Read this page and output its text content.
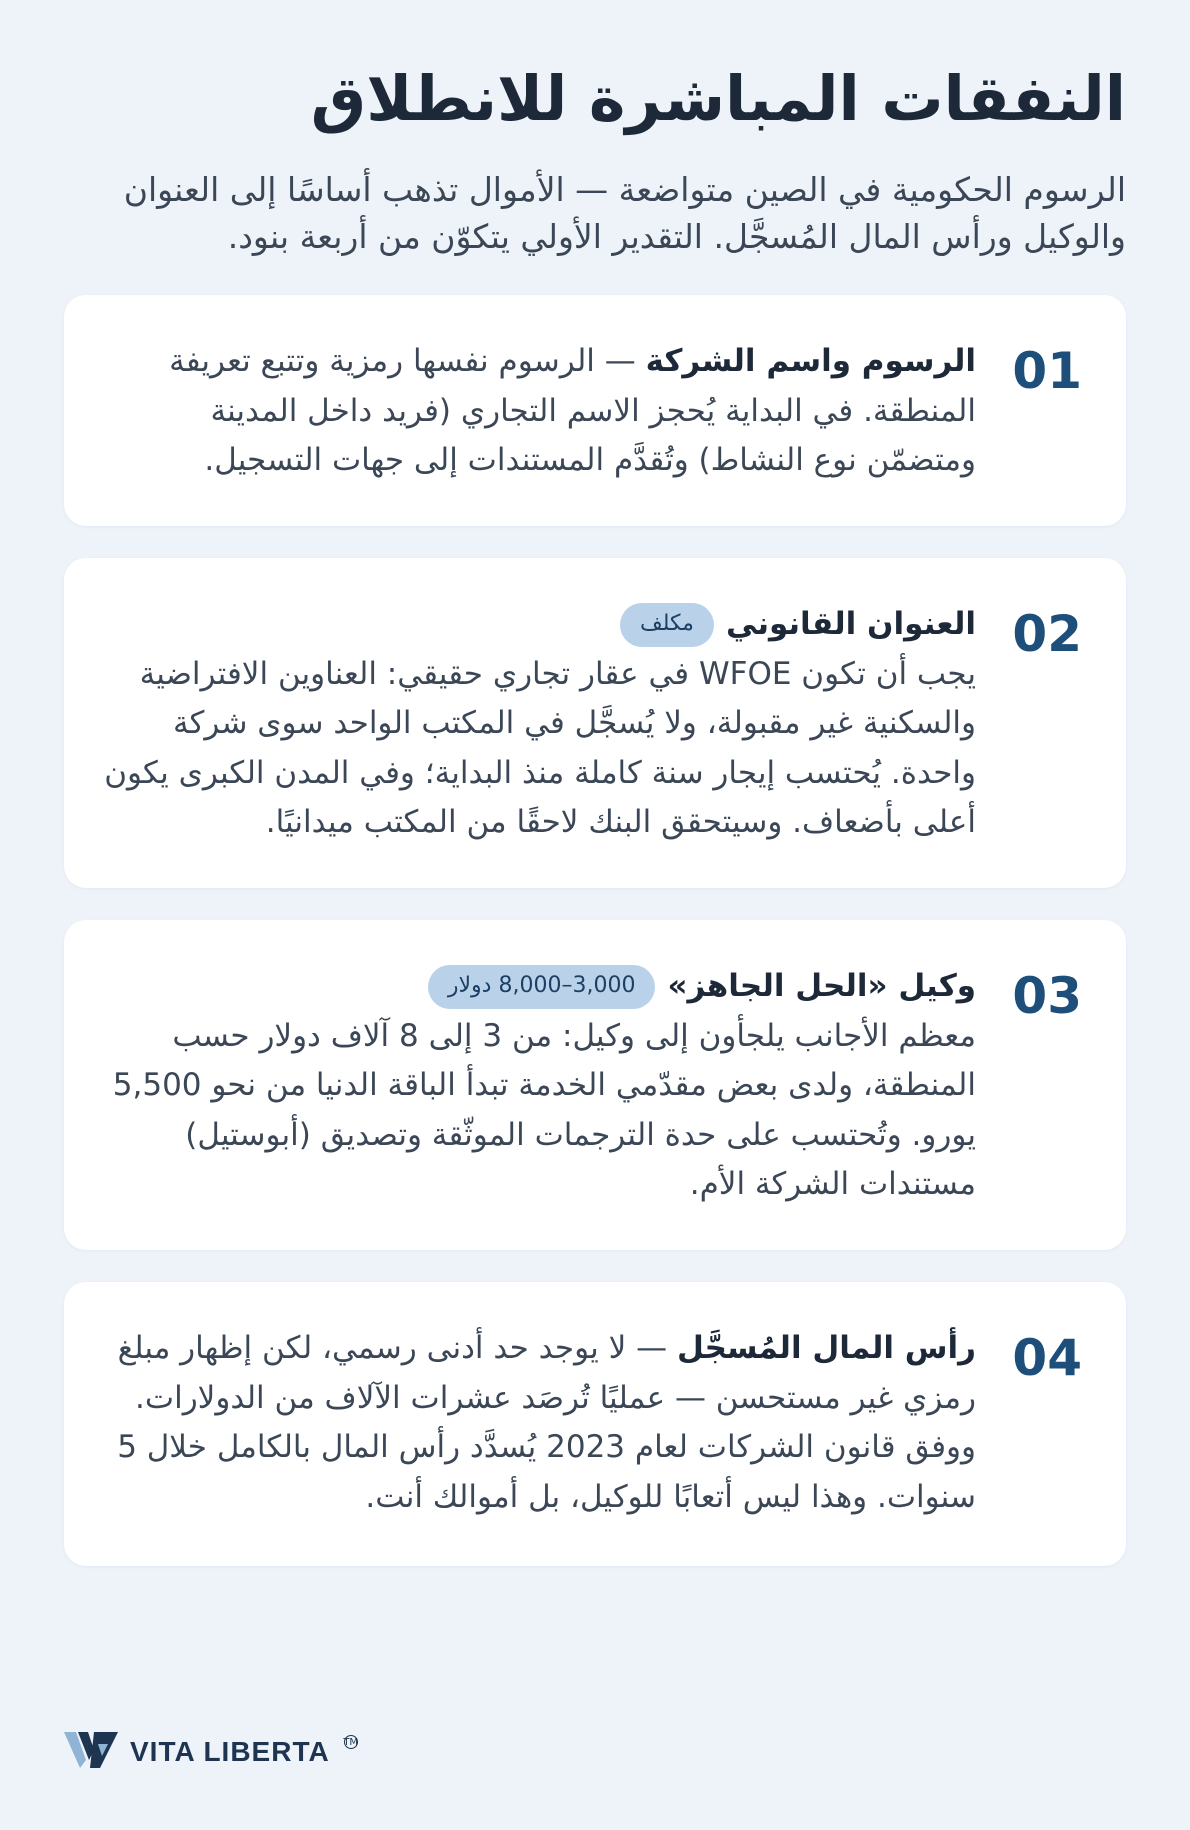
النفقات المباشرة للانطلاق

الرسوم الحكومية في الصين متواضعة — الأموال تذهب أساسًا إلى العنوان والوكيل ورأس المال المُسجَّل. التقدير الأولي يتكوّن من أربعة بنود.

01
الرسوم واسم الشركة — الرسوم نفسها رمزية وتتبع تعريفة المنطقة. في البداية يُحجز الاسم التجاري (فريد داخل المدينة ومتضمّن نوع النشاط) وتُقدَّم المستندات إلى جهات التسجيل.
02
العنوان القانوني
مكلف
يجب أن تكون WFOE في عقار تجاري حقيقي: العناوين الافتراضية والسكنية غير مقبولة، ولا يُسجَّل في المكتب الواحد سوى شركة واحدة. يُحتسب إيجار سنة كاملة منذ البداية؛ وفي المدن الكبرى يكون أعلى بأضعاف. وسيتحقق البنك لاحقًا من المكتب ميدانيًا.
03
وكيل «الحل الجاهز»
3,000–8,000 دولار
معظم الأجانب يلجأون إلى وكيل: من 3 إلى 8 آلاف دولار حسب المنطقة، ولدى بعض مقدّمي الخدمة تبدأ الباقة الدنيا من نحو 5,500 يورو. وتُحتسب على حدة الترجمات الموثّقة وتصديق (أبوستيل) مستندات الشركة الأم.
04
رأس المال المُسجَّل — لا يوجد حد أدنى رسمي، لكن إظهار مبلغ رمزي غير مستحسن — عمليًا تُرصَد عشرات الآلاف من الدولارات. ووفق قانون الشركات لعام 2023 يُسدَّد رأس المال بالكامل خلال 5 سنوات. وهذا ليس أتعابًا للوكيل، بل أموالك أنت.
VITA LIBERTA TM
